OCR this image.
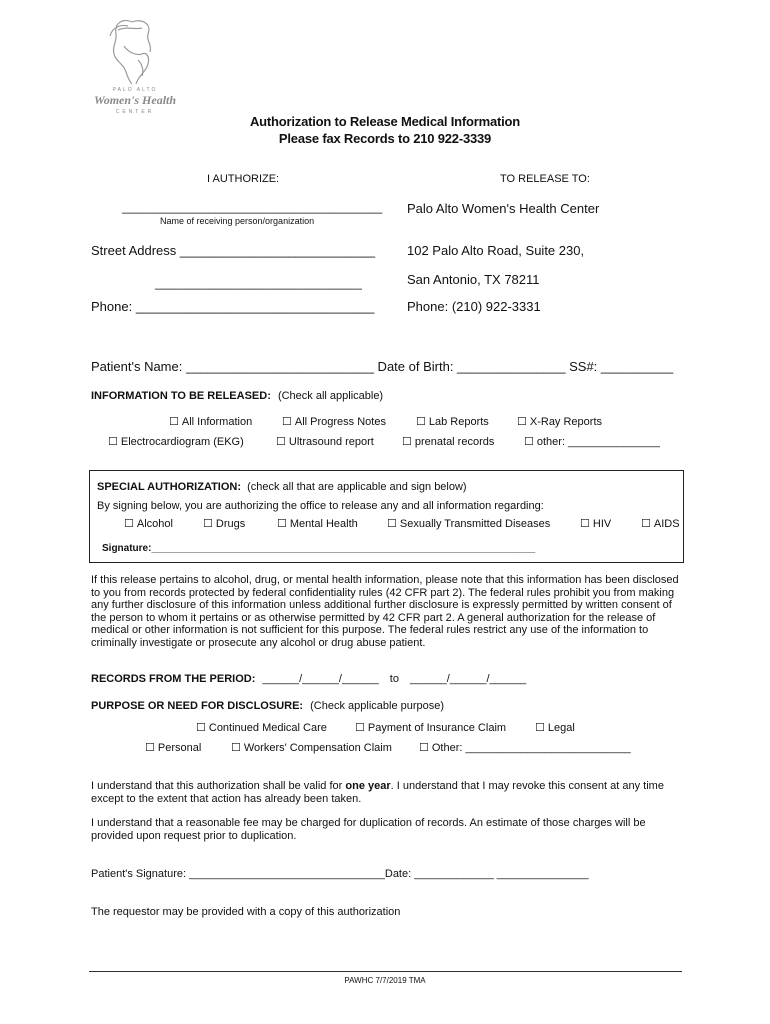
PALO ALTO
Women's Health
CENTER
Authorization to Release Medical Information
Please fax Records to 210 922-3339
I AUTHORIZE:	TO RELEASE TO:
_______________________________________
Name of receiving person/organization
Street Address ___________________________
_______________________________
Phone: _________________________________
Palo Alto Women's Health Center
102 Palo Alto Road, Suite 230,
San Antonio, TX 78211
Phone: (210) 922-3331
Patient's Name: __________________________ Date of Birth: _______________ SS#: __________
INFORMATION TO BE RELEASED: (Check all applicable)
☐ All Information	☐ All Progress Notes	☐ Lab Reports	☐ X-Ray Reports
☐ Electrocardiogram (EKG)	☐ Ultrasound report	☐ prenatal records	☐ other: _______________
SPECIAL AUTHORIZATION: (check all that are applicable and sign below)
By signing below, you are authorizing the office to release any and all information regarding:
☐ Alcohol	☐ Drugs	☐ Mental Health	☐ Sexually Transmitted Diseases	☐ HIV	☐ AIDS
Signature:_____________________________________________________________________
If this release pertains to alcohol, drug, or mental health information, please note that this information has been disclosed to you from records protected by federal confidentiality rules (42 CFR part 2). The federal rules prohibit you from making any further disclosure of this information unless additional further disclosure is expressly permitted by written consent of the person to whom it pertains or as otherwise permitted by 42 CFR part 2. A general authorization for the release of medical or other information is not sufficient for this purpose. The federal rules restrict any use of the information to criminally investigate or prosecute any alcohol or drug abuse patient.
RECORDS FROM THE PERIOD: ______/______/______ to ______/______/______
PURPOSE OR NEED FOR DISCLOSURE: (Check applicable purpose)
☐ Continued Medical Care	☐ Payment of Insurance Claim	☐ Legal
☐ Personal	☐ Workers' Compensation Claim	☐ Other: ___________________________
I understand that this authorization shall be valid for one year. I understand that I may revoke this consent at any time except to the extent that action has already been taken.
I understand that a reasonable fee may be charged for duplication of records. An estimate of those charges will be provided upon request prior to duplication.
Patient's Signature: ________________________________Date: _____________ _______________
The requestor may be provided with a copy of this authorization
PAWHC 7/7/2019 TMA
